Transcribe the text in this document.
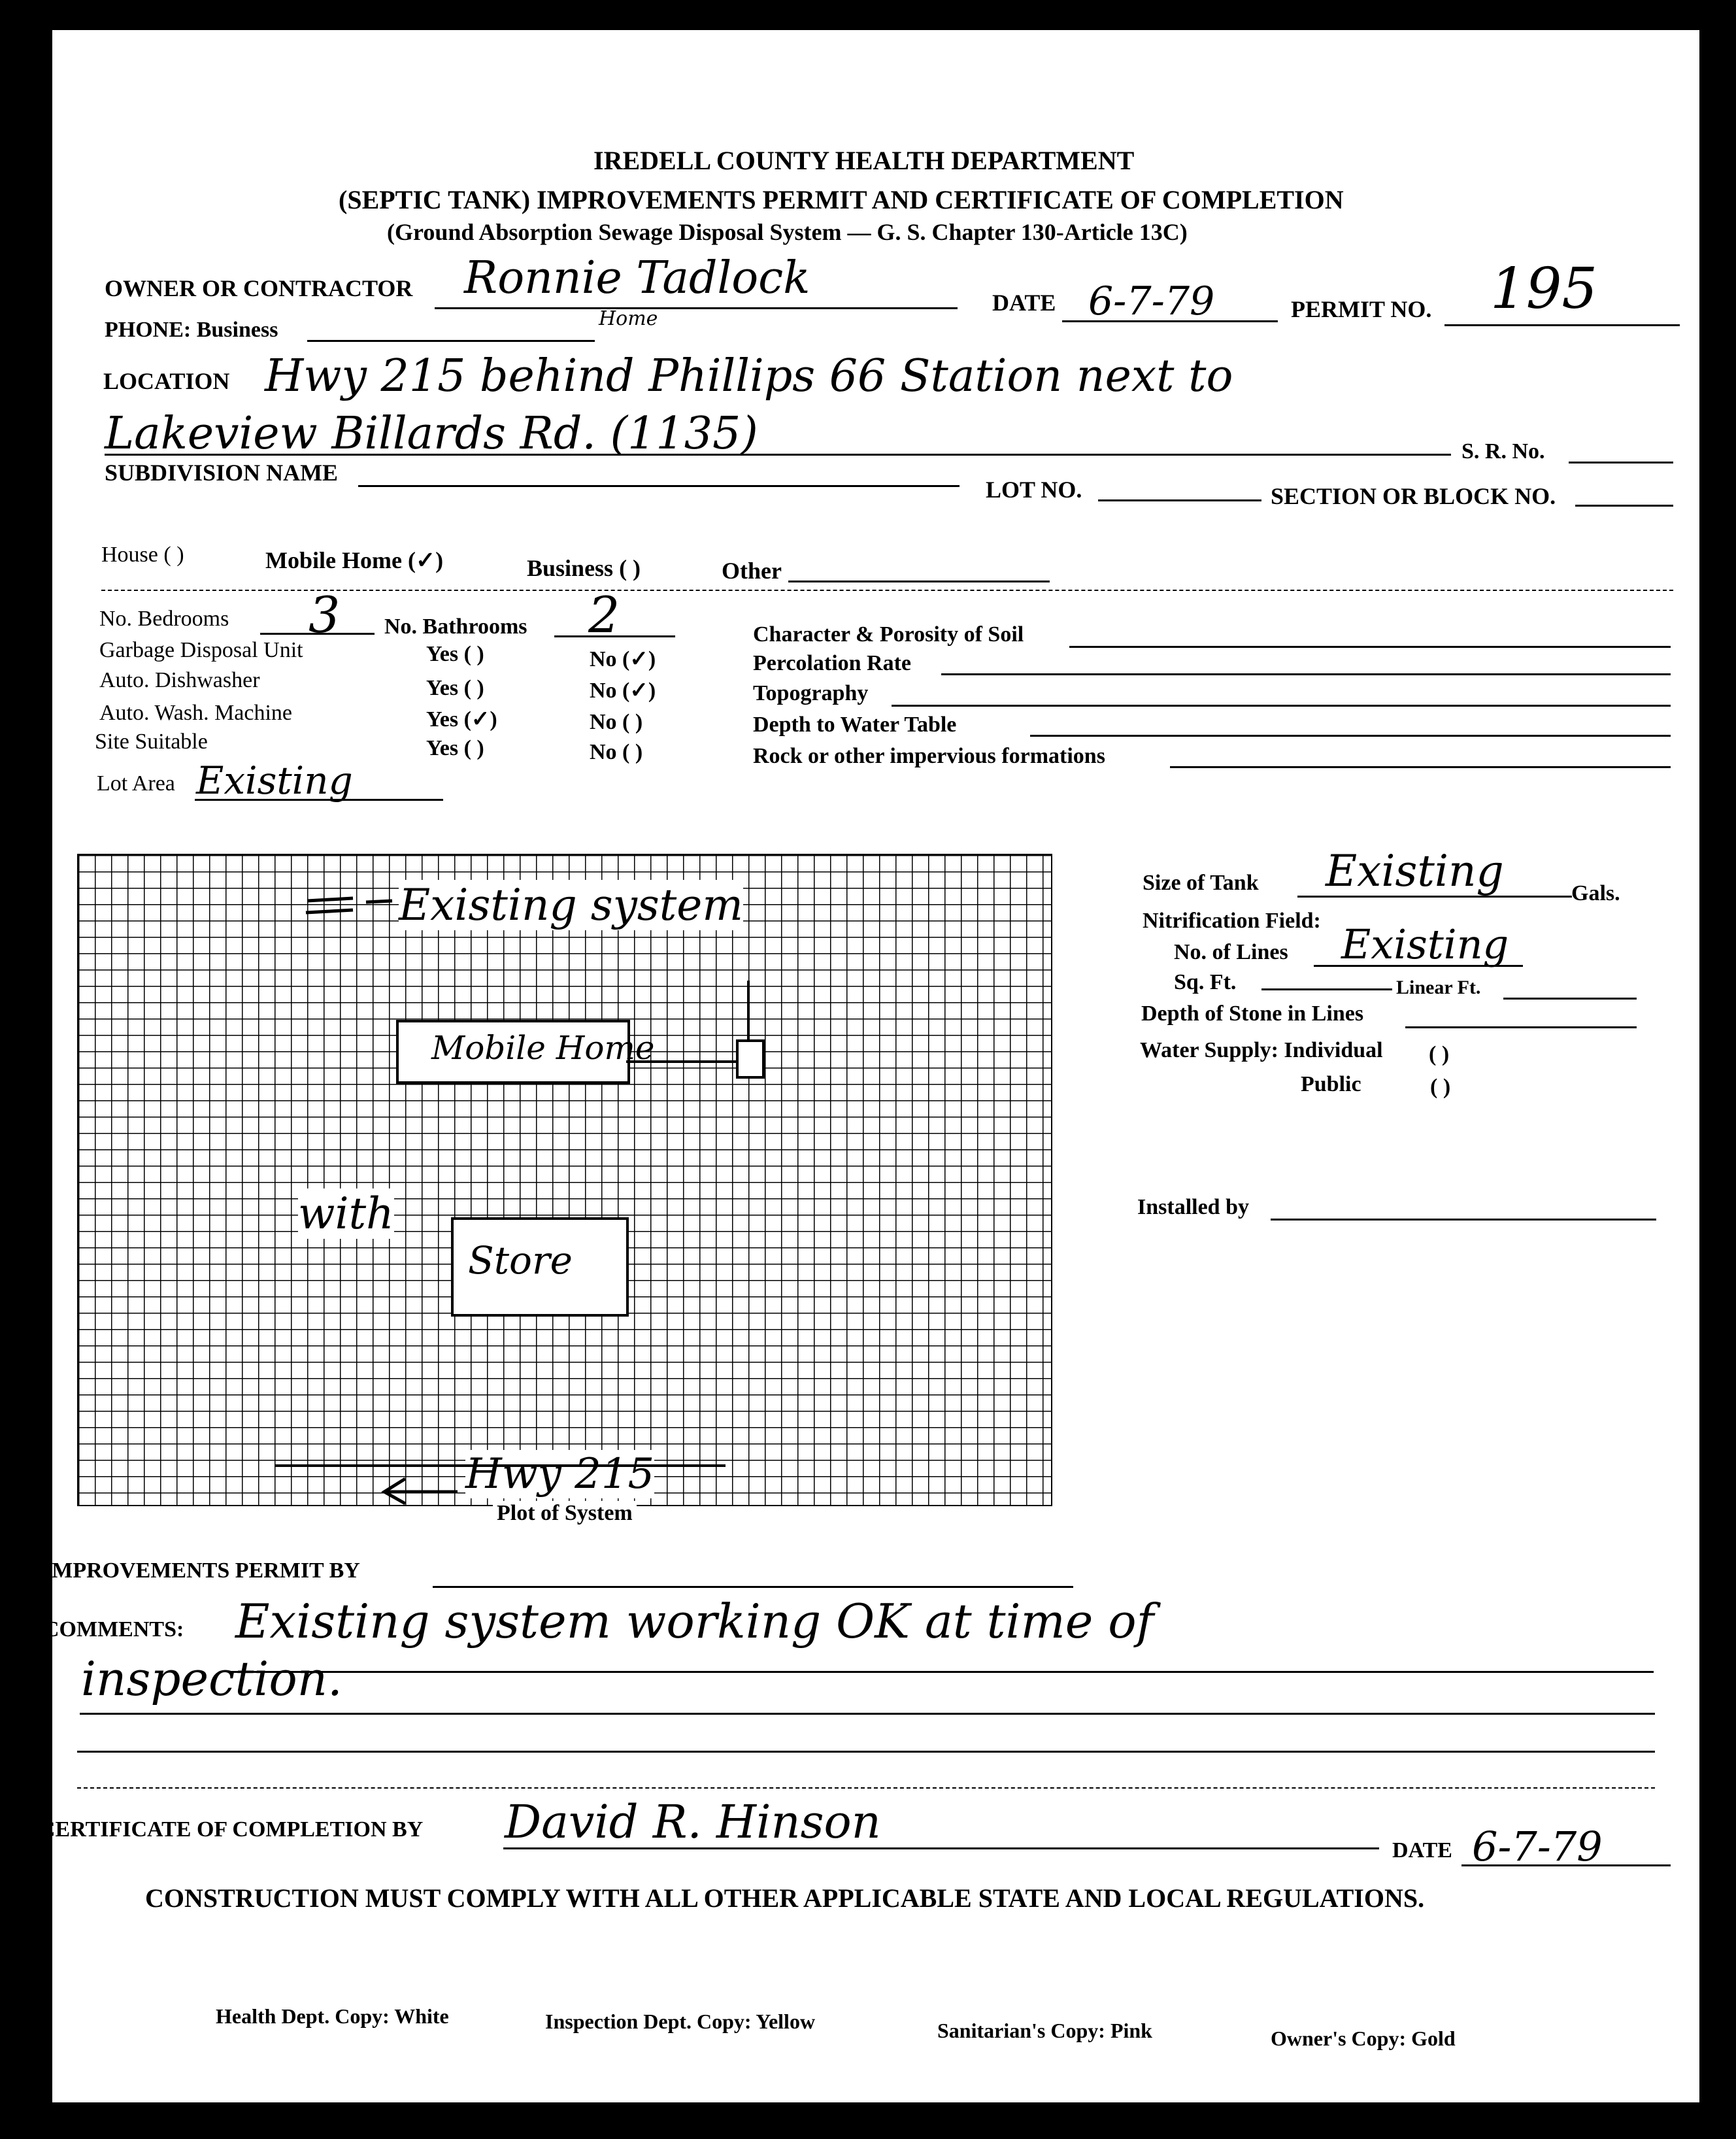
IREDELL COUNTY HEALTH DEPARTMENT
(SEPTIC TANK) IMPROVEMENTS PERMIT AND CERTIFICATE OF COMPLETION
(Ground Absorption Sewage Disposal System — G. S. Chapter 130-Article 13C)
OWNER OR CONTRACTOR Ronnie Tadlock	DATE 6-7-79	PERMIT NO. 195
PHONE: Business	Home
LOCATION Hwy 215 behind Phillips 66 Station next to
Lakeview Billards Rd. (1135)	S. R. No.
SUBDIVISION NAME
LOT NO.	SECTION OR BLOCK NO.
House ( )	Mobile Home (✓)	Business ( )	Other
No. Bedrooms 3 No. Bathrooms 2
Garbage Disposal Unit	Yes ( )	No (✓)
Auto. Dishwasher	Yes ( )	No (✓)
Auto. Wash. Machine	Yes (✓)	No ( )
Site Suitable	Yes ( )	No ( )
Lot Area Existing
Character & Porosity of Soil
Percolation Rate
Topography
Depth to Water Table
Rock or other impervious formations
Mobile Home
Store
with
Existing system
Hwy 215
Plot of System
Size of Tank Existing	Gals.
Nitrification Field:
No. of Lines Existing
Sq. Ft.	Linear Ft.
Depth of Stone in Lines
Water Supply: Individual ( )
Public	( )
Installed by
IMPROVEMENTS PERMIT BY
COMMENTS: Existing system working OK at time of
inspection.
CERTIFICATE OF COMPLETION BY David R. Hinson
DATE 6-7-79
CONSTRUCTION MUST COMPLY WITH ALL OTHER APPLICABLE STATE AND LOCAL REGULATIONS.
Health Dept. Copy: White	Inspection Dept. Copy: Yellow	Sanitarian's Copy: Pink	Owner's Copy: Gold
